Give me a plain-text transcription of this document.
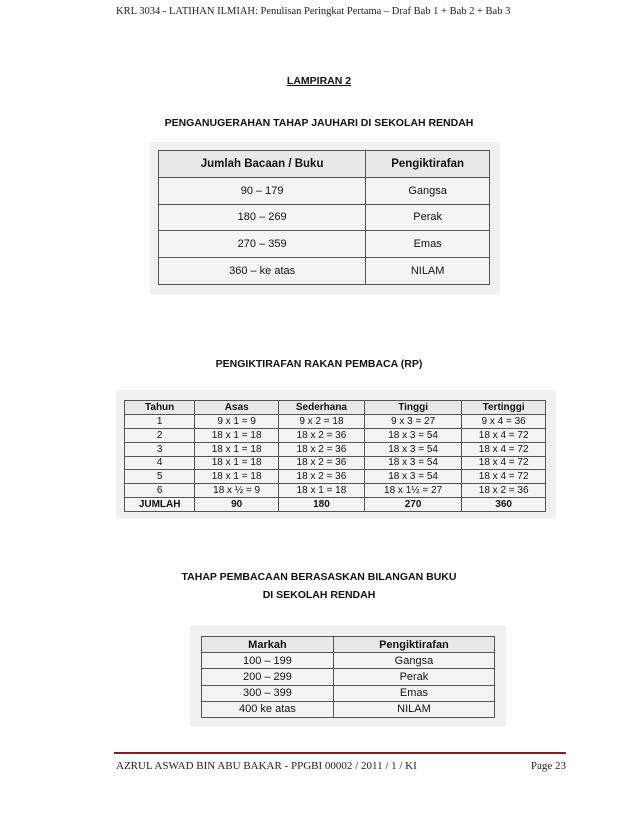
KRL 3034 - LATIHAN ILMIAH: Penulisan Peringkat Pertama – Draf Bab 1 + Bab 2 + Bab 3
LAMPIRAN 2
PENGANUGERAHAN TAHAP JAUHARI DI SEKOLAH RENDAH
Jumlah Bacaan / Buku	Pengiktirafan
90 – 179	Gangsa
180 – 269	Perak
270 – 359	Emas
360 – ke atas	NILAM
PENGIKTIRAFAN RAKAN PEMBACA (RP)
Tahun	Asas	Sederhana	Tinggi	Tertinggi
1	9 x 1 = 9	9 x 2 = 18	9 x 3 = 27	9 x 4 = 36
2	18 x 1 = 18	18 x 2 = 36	18 x 3 = 54	18 x 4 = 72
3	18 x 1 = 18	18 x 2 = 36	18 x 3 = 54	18 x 4 = 72
4	18 x 1 = 18	18 x 2 = 36	18 x 3 = 54	18 x 4 = 72
5	18 x 1 = 18	18 x 2 = 36	18 x 3 = 54	18 x 4 = 72
6	18 x ½ = 9	18 x 1 = 18	18 x 1½ = 27	18 x 2 = 36
JUMLAH	90	180	270	360
TAHAP PEMBACAAN BERASASKAN BILANGAN BUKU
DI SEKOLAH RENDAH
Markah	Pengiktirafan
100 – 199	Gangsa
200 – 299	Perak
300 – 399	Emas
400 ke atas	NILAM
AZRUL ASWAD BIN ABU BAKAR - PPGBI 00002 / 2011 / 1 / KI	Page 23
